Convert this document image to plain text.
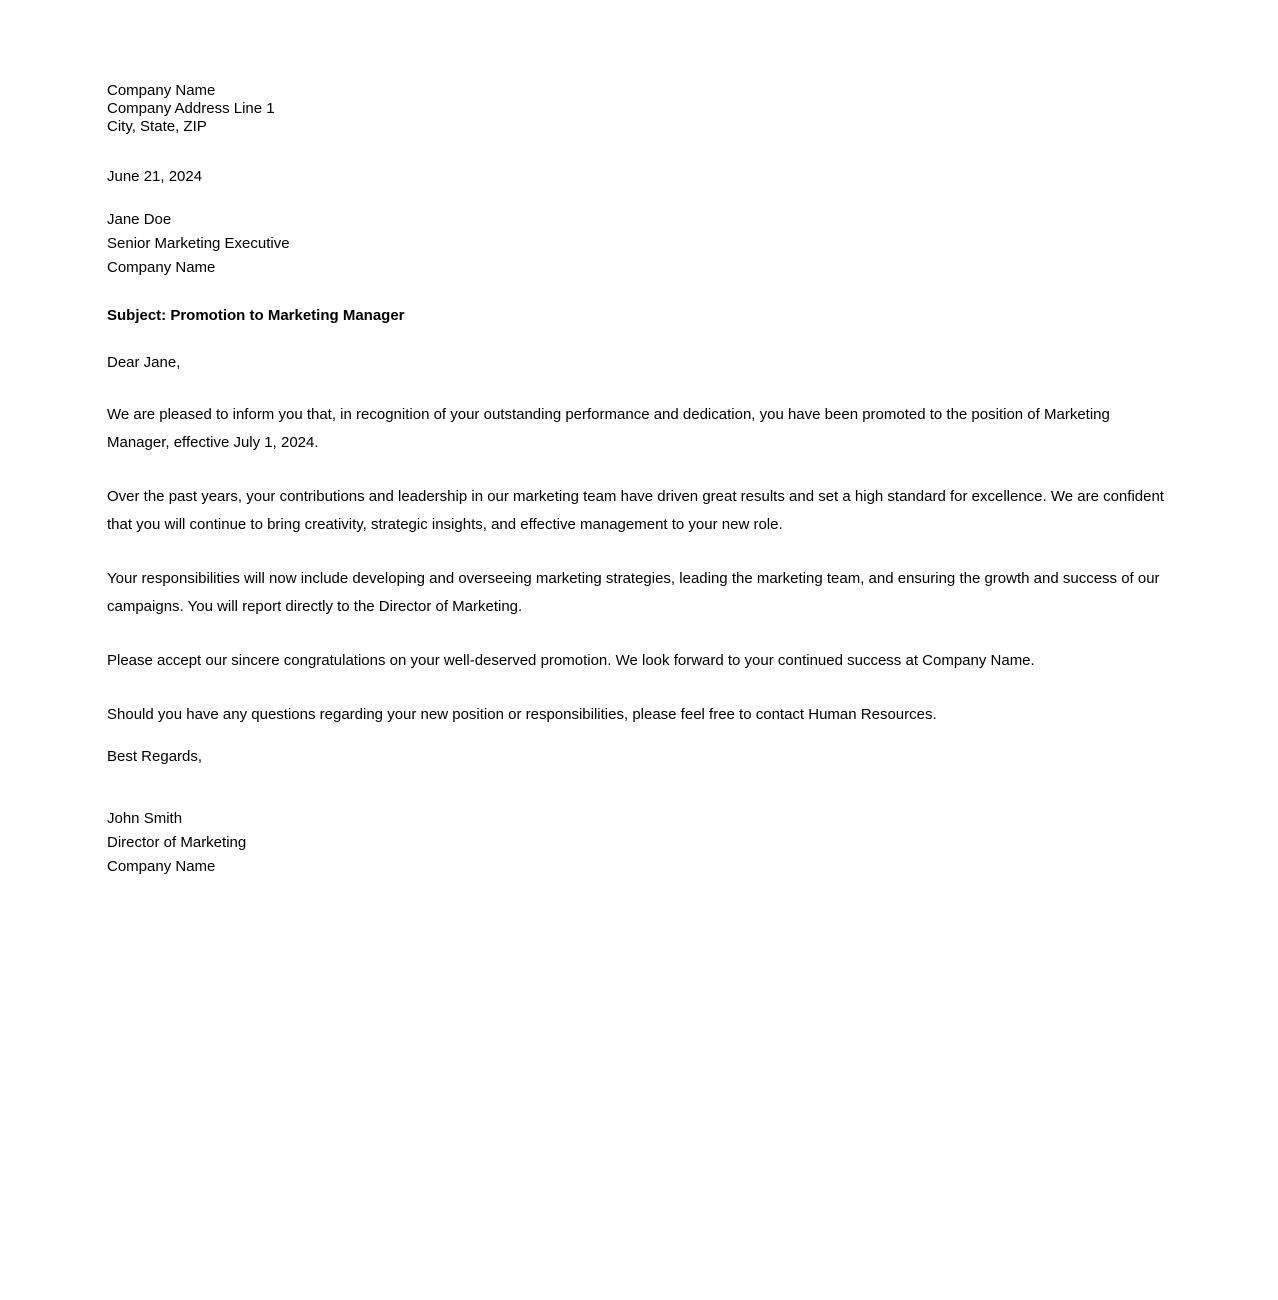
Company Name
Company Address Line 1
City, State, ZIP
June 21, 2024
Jane Doe
Senior Marketing Executive
Company Name
Subject: Promotion to Marketing Manager
Dear Jane,

We are pleased to inform you that, in recognition of your outstanding performance and dedication, you have been promoted to the position of Marketing Manager, effective July 1, 2024.

Over the past years, your contributions and leadership in our marketing team have driven great results and set a high standard for excellence. We are confident that you will continue to bring creativity, strategic insights, and effective management to your new role.

Your responsibilities will now include developing and overseeing marketing strategies, leading the marketing team, and ensuring the growth and success of our campaigns. You will report directly to the Director of Marketing.

Please accept our sincere congratulations on your well-deserved promotion. We look forward to your continued success at Company Name.

Should you have any questions regarding your new position or responsibilities, please feel free to contact Human Resources.

Best Regards,
John Smith
Director of Marketing
Company Name
